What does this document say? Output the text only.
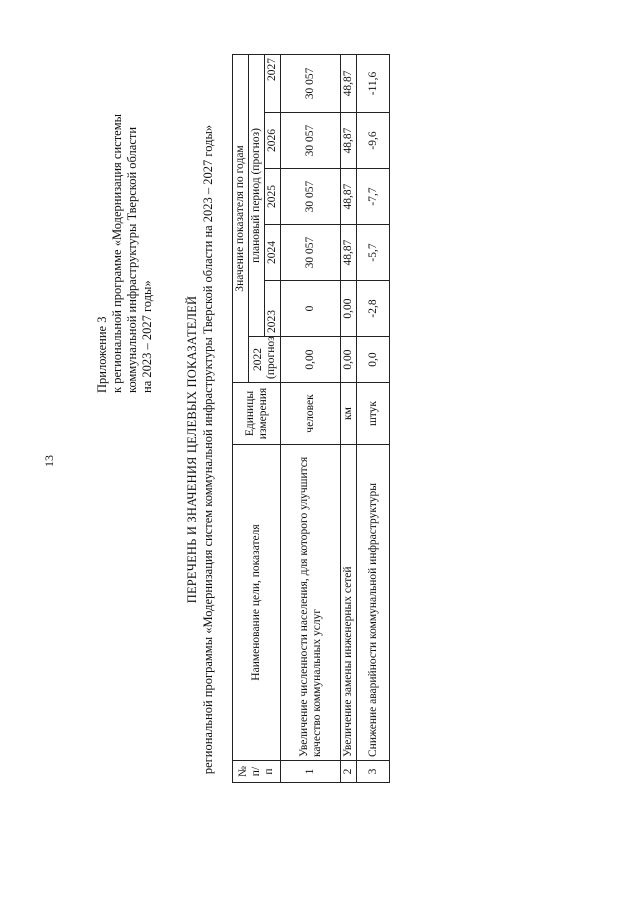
13
Приложение 3 к региональной программе «Модернизация системы коммунальной инфраструктуры Тверской области на 2023 – 2027 годы» ПЕРЕЧЕНЬ И ЗНАЧЕНИЯ ЦЕЛЕВЫХ ПОКАЗАТЕЛЕЙ региональной программы «Модернизация систем коммунальной инфраструктуры Тверской области на 2023 – 2027 годы» № п/п	Наименование цели, показателя	Единицы измерения	Значение показателя по годам					

			2022 (прогноз	плановый период (прогноз)				
				2023	2024	2025	2026	2027
1	Увеличение численности населения, для которого улучшится качество коммунальных услуг	человек	0,00	0	30 057	30 057	30 057	30 057
2	Увеличение замены инженерных сетей	км	0,00	0,00	48,87	48,87	48,87	48,87
3	Снижение аварийности коммунальной инфраструктуры	штук	0,0	-2,8	-5,7	-7,7	-9,6	-11,6
